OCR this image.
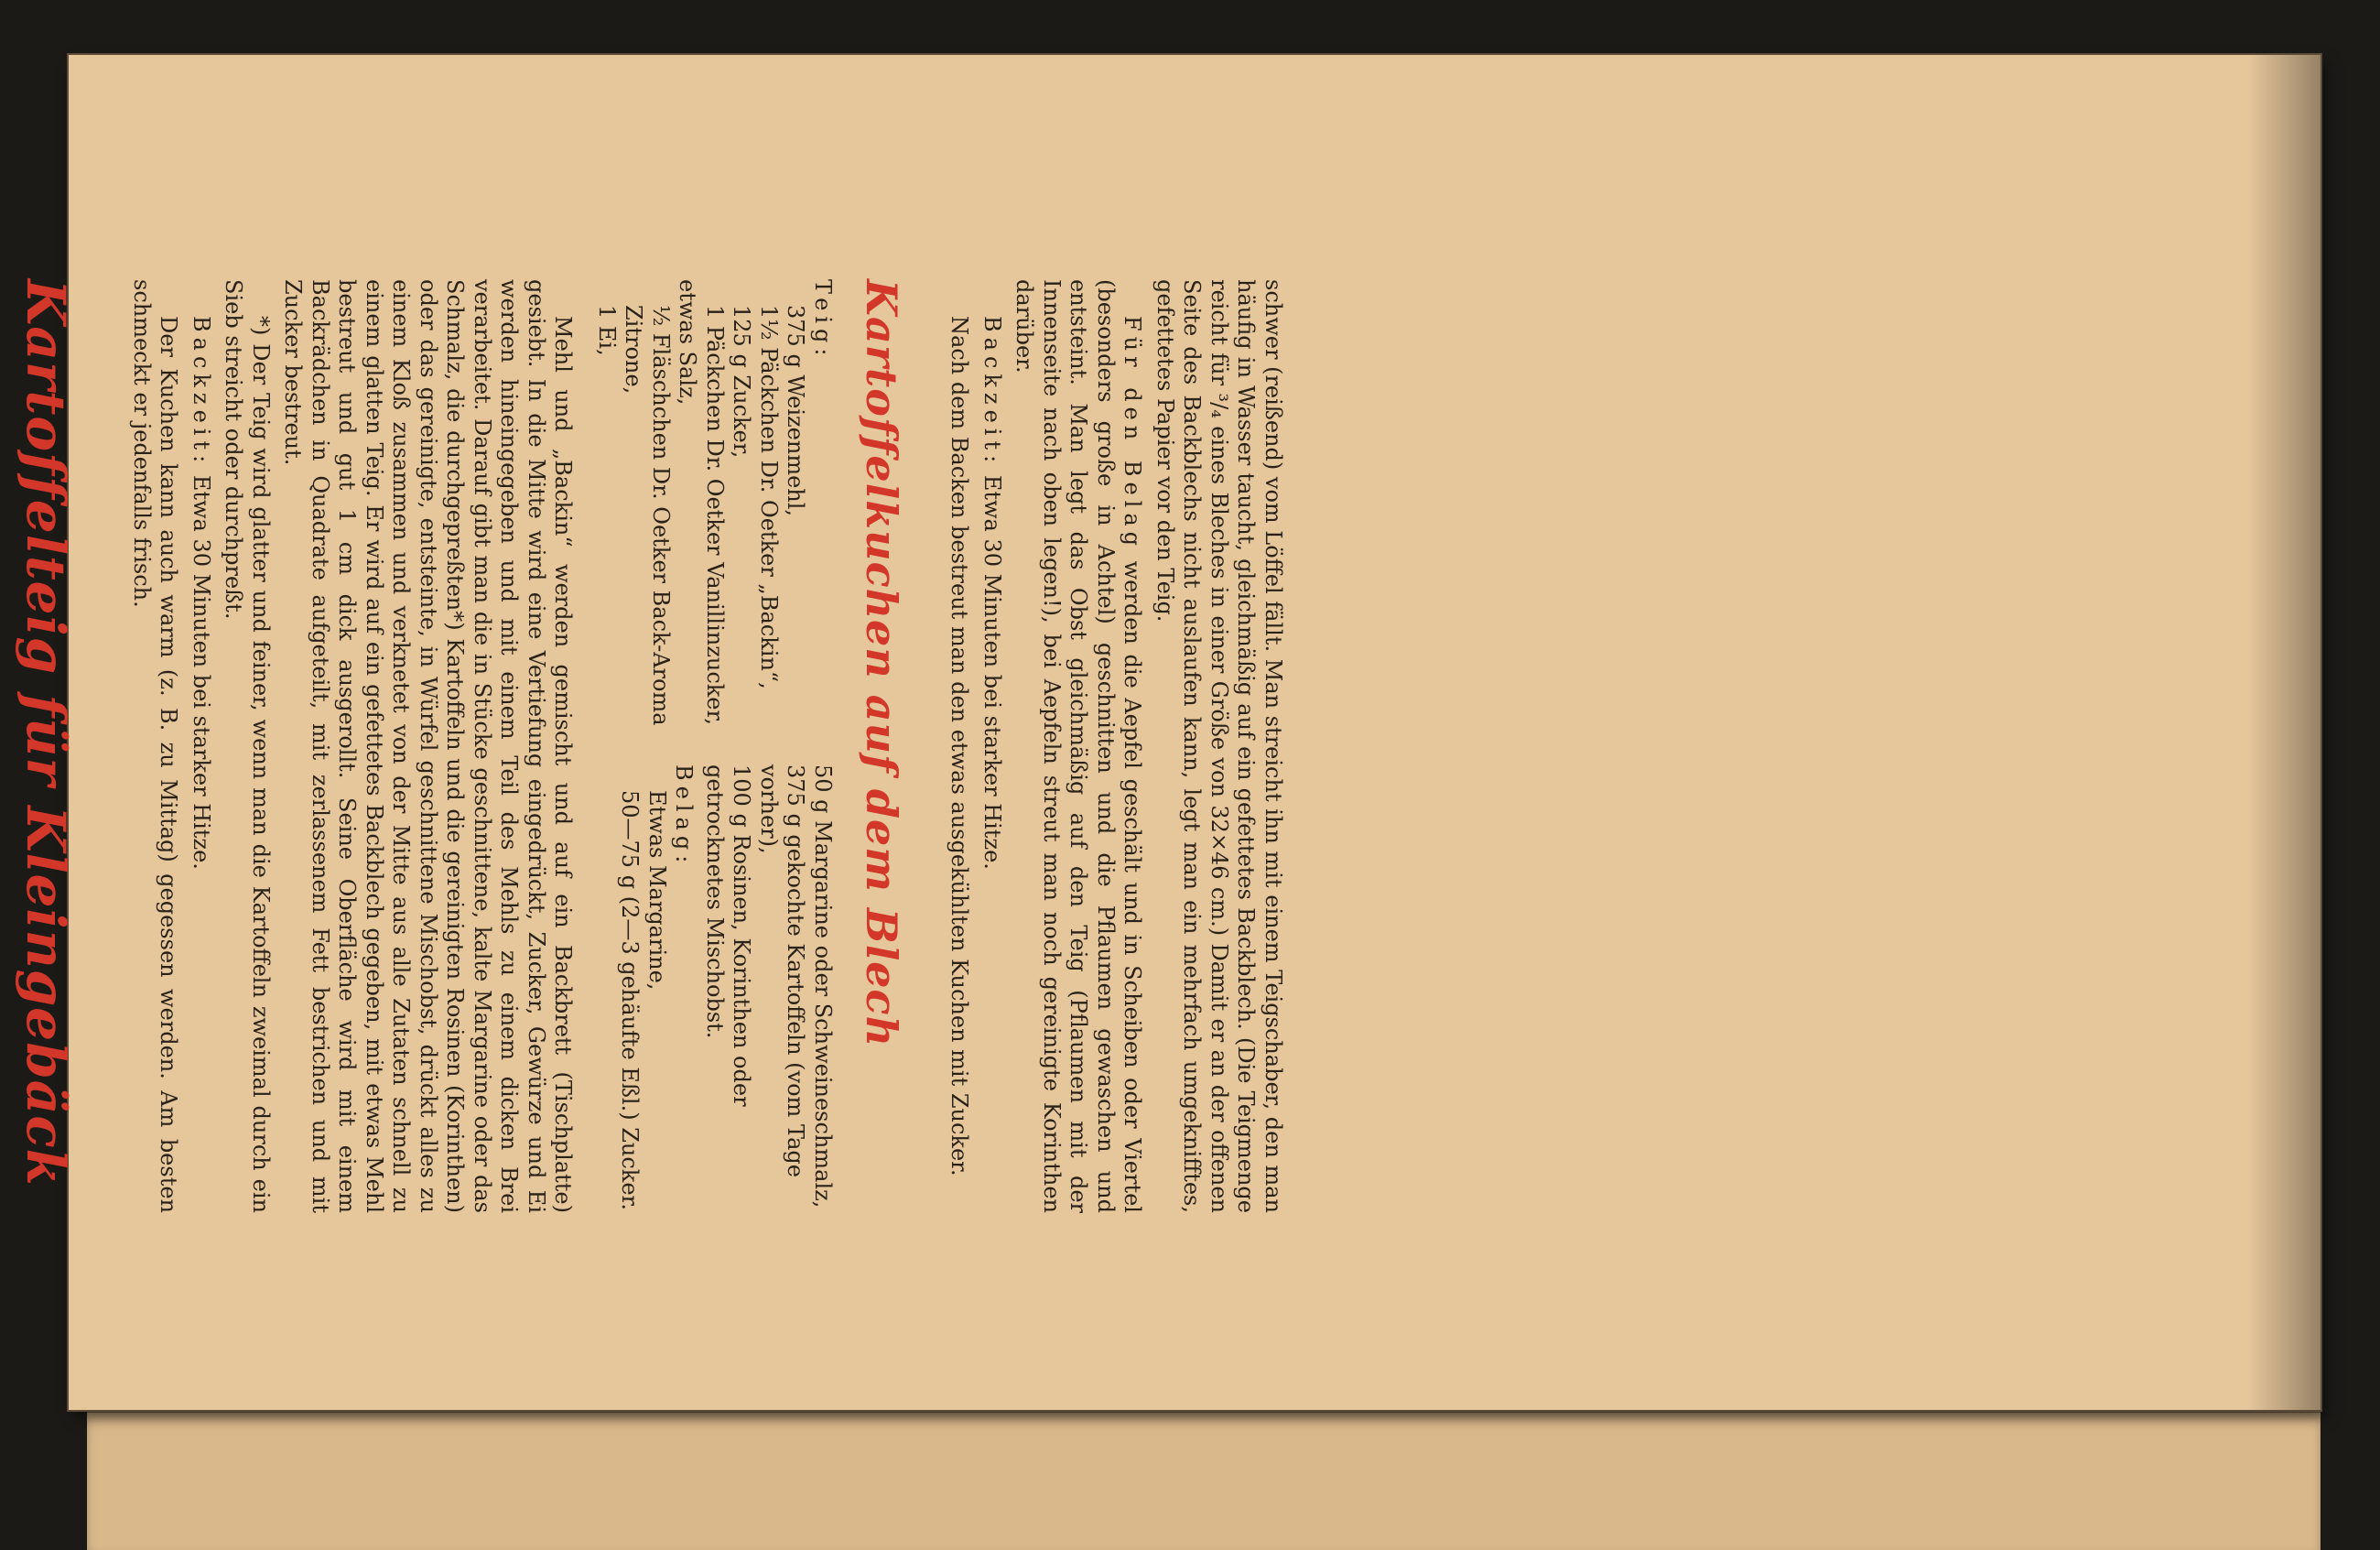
schwer (reißend) vom Löffel fällt. Man streicht ihn mit einem Teigschaber, den man häufig in Wasser taucht, gleichmäßig auf ein gefettetes Backblech. (Die Teigmenge reicht für ³/₄ eines Bleches in einer Größe von 32×46 cm.) Damit er an der offenen Seite des Backblechs nicht auslaufen kann, legt man ein mehrfach umgeknifftes, gefettetes Papier vor den Teig.

Für den Belag werden die Aepfel geschält und in Scheiben oder Viertel (besonders große in Achtel) geschnitten und die Pflaumen gewaschen und entsteint. Man legt das Obst gleichmäßig auf den Teig (Pflaumen mit der Innenseite nach oben legen!), bei Aepfeln streut man noch gereinigte Korinthen darüber.

Backzeit: Etwa 30 Minuten bei starker Hitze.

Nach dem Backen bestreut man den etwas ausgekühlten Kuchen mit Zucker.

Kartoffelkuchen auf dem Blech
Teig:
375 g Weizenmehl,
1½ Päckchen Dr. Oetker „Backin“,
125 g Zucker,
1 Päckchen Dr. Oetker Vanillinzucker,
etwas Salz,
½ Fläschchen Dr. Oetker Back-Aroma Zitrone,
1 Ei,
50 g Margarine oder Schweineschmalz,
375 g gekochte Kartoffeln (vom Tage vorher),
100 g Rosinen, Korinthen oder getrocknetes Mischobst.
Belag:
Etwas Margarine,
50—75 g (2—3 gehäufte Eßl.) Zucker.

Mehl und „Backin“ werden gemischt und auf ein Backbrett (Tischplatte) gesiebt. In die Mitte wird eine Vertiefung eingedrückt, Zucker, Gewürze und Ei werden hineingegeben und mit einem Teil des Mehls zu einem dicken Brei verarbeitet. Darauf gibt man die in Stücke geschnittene, kalte Margarine oder das Schmalz, die durchgepreßten*) Kartoffeln und die gereinigten Rosinen (Korinthen) oder das gereinigte, entsteinte, in Würfel geschnittene Mischobst, drückt alles zu einem Kloß zusammen und verknetet von der Mitte aus alle Zutaten schnell zu einem glatten Teig. Er wird auf ein gefettetes Backblech gegeben, mit etwas Mehl bestreut und gut 1 cm dick ausgerollt. Seine Oberfläche wird mit einem Backrädchen in Quadrate aufgeteilt, mit zerlassenem Fett bestrichen und mit Zucker bestreut.

*) Der Teig wird glatter und feiner, wenn man die Kartoffeln zweimal durch ein Sieb streicht oder durchpreßt.

Backzeit: Etwa 30 Minuten bei starker Hitze.

Der Kuchen kann auch warm (z. B. zu Mittag) gegessen werden. Am besten schmeckt er jedenfalls frisch.

Kartoffelteig für Kleingebäck
